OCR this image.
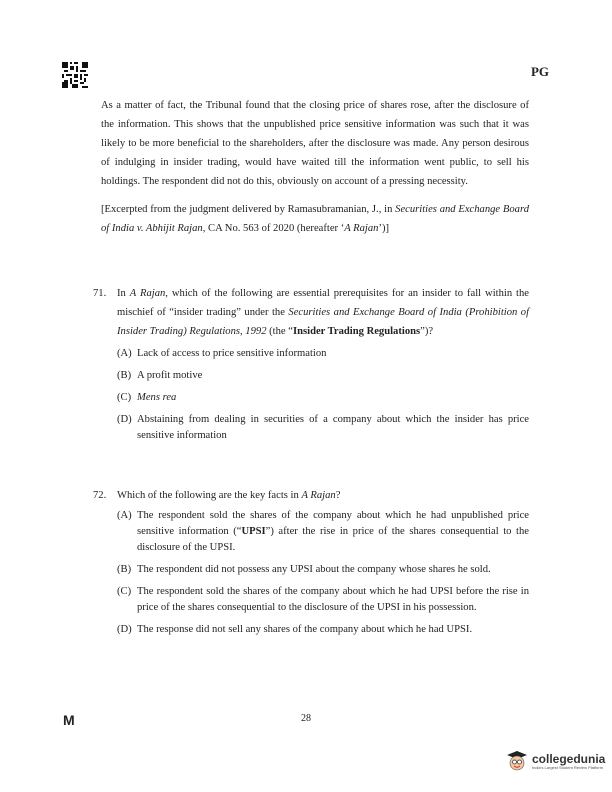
PG

As a matter of fact, the Tribunal found that the closing price of shares rose, after the disclosure of the information. This shows that the unpublished price sensitive information was such that it was likely to be more beneficial to the shareholders, after the disclosure was made. Any person desirous of indulging in insider trading, would have waited till the information went public, to sell his holdings. The respondent did not do this, obviously on account of a pressing necessity.

[Excerpted from the judgment delivered by Ramasubramanian, J., in Securities and Exchange Board of India v. Abhijit Rajan, CA No. 563 of 2020 (hereafter ‘A Rajan’)]

71. In A Rajan, which of the following are essential prerequisites for an insider to fall within the mischief of “insider trading” under the Securities and Exchange Board of India (Prohibition of Insider Trading) Regulations, 1992 (the “Insider Trading Regulations”)?
(A) Lack of access to price sensitive information
(B) A profit motive
(C) Mens rea
(D) Abstaining from dealing in securities of a company about which the insider has price sensitive information
72. Which of the following are the key facts in A Rajan?
(A) The respondent sold the shares of the company about which he had unpublished price sensitive information (“UPSI”) after the rise in price of the shares consequential to the disclosure of the UPSI.
(B) The respondent did not possess any UPSI about the company whose shares he sold.
(C) The respondent sold the shares of the company about which he had UPSI before the rise in price of the shares consequential to the disclosure of the UPSI in his possession.
(D) The response did not sell any shares of the company about which he had UPSI.
M	28
collegedunia
India's Largest Student Review Platform
